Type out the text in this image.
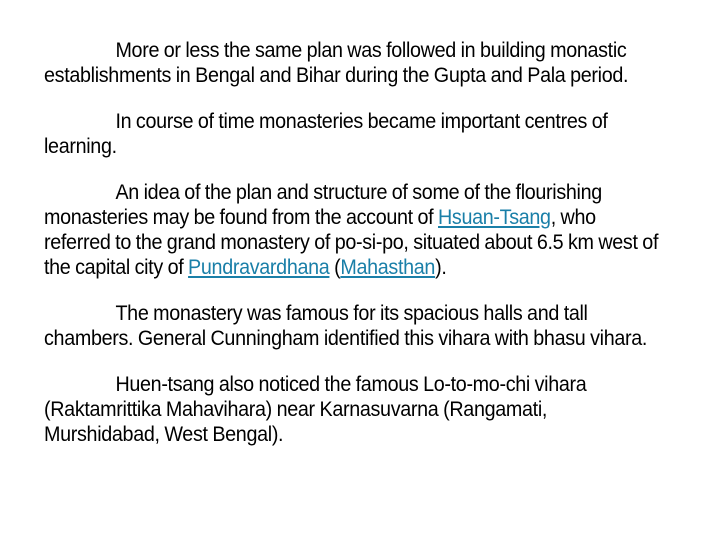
More or less the same plan was followed in building monastic establishments in Bengal and Bihar during the Gupta and Pala period.

In course of time monasteries became important centres of learning.

An idea of the plan and structure of some of the flourishing monasteries may be found from the account of Hsuan-Tsang, who referred to the grand monastery of po-si-po, situated about 6.5 km west of the capital city of Pundravardhana (Mahasthan).

The monastery was famous for its spacious halls and tall chambers. General Cunningham identified this vihara with bhasu vihara.

Huen-tsang also noticed the famous Lo-to-mo-chi vihara (Raktamrittika Mahavihara) near Karnasuvarna (Rangamati, Murshidabad, West Bengal).
